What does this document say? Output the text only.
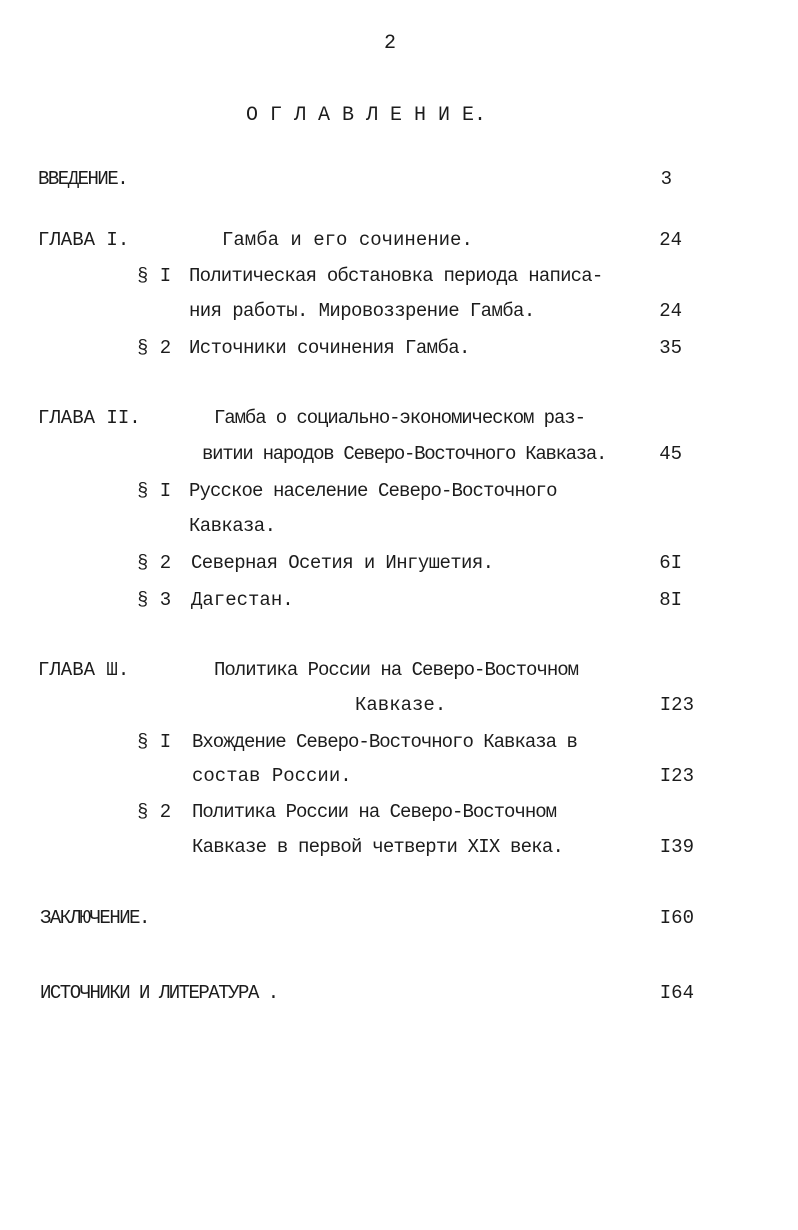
2
О Г Л А В Л Е Н И Е.
ВВЕДЕНИЕ.	3
ГЛАВА I.	Гамба и его сочинение.	24
§ I Политическая обстановка периода написа-
ния работы. Мировоззрение Гамба.	24
§ 2 Источники сочинения Гамба.	35
ГЛАВА II.	Гамба о социально-экономическом раз-
витии народов Северо-Восточного Кавказа.	45
§ I Русское население Северо-Восточного
Кавказа.
§ 2 Северная Осетия и Ингушетия.	6I
§ 3 Дагестан.	8I
ГЛАВА Ш.	Политика России на Северо-Восточном
Кавказе.	I23
§ I Вхождение Северо-Восточного Кавказа в
состав России.	I23
§ 2 Политика России на Северо-Восточном
Кавказе в первой четверти XIX века.	I39
ЗАКЛЮЧЕНИЕ.	I60
ИСТОЧНИКИ И ЛИТЕРАТУРА .	I64
